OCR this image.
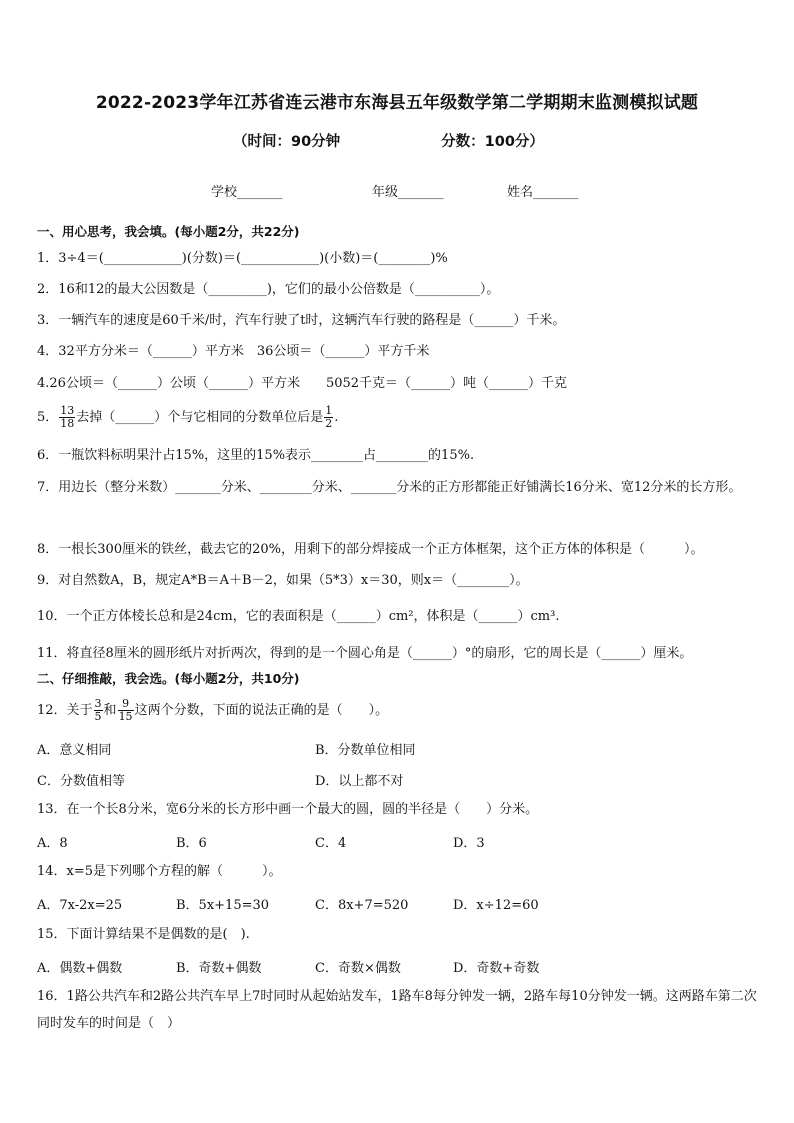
2022-2023学年江苏省连云港市东海县五年级数学第二学期期末监测模拟试题
（时间：90分钟	分数：100分）
学校_______	年级_______	姓名_______
一、用心思考，我会填。(每小题2分，共22分)
1．3÷4＝(____________)(分数)＝(____________)(小数)＝(________)%
2．16和12的最大公因数是（_________)，它们的最小公倍数是（__________）。
3．一辆汽车的速度是60千米/时，汽车行驶了t时，这辆汽车行驶的路程是（______）千米。
4．32平方分米＝（______）平方米　36公顷＝（______）平方千米
4.26公顷＝（______）公顷（______）平方米　　5052千克＝（______）吨（______）千克
5． $\frac{13}{18}$ 去掉（______）个与它相同的分数单位后是 $\frac{1}{2}$ .
6．一瓶饮料标明果汁占15%，这里的15%表示________占________的15%.
7．用边长（整分米数）_______分米、________分米、_______分米的正方形都能正好铺满长16分米、宽12分米的长方形。
8．一根长300厘米的铁丝，截去它的20%，用剩下的部分焊接成一个正方体框架，这个正方体的体积是（　　　）。
9．对自然数A，B，规定A*B＝A＋B－2，如果（5*3）x＝30，则x＝（________）。
10．一个正方体棱长总和是24cm，它的表面积是（______）cm²，体积是（______）cm³.
11．将直径8厘米的圆形纸片对折两次，得到的是一个圆心角是（______）°的扇形，它的周长是（______）厘米。
二、仔细推敲，我会选。(每小题2分，共10分)
12．关于 $\frac{3}{5}$ 和 $\frac{9}{15}$ 这两个分数，下面的说法正确的是（　　）。
A．意义相同	B．分数单位相同
C．分数值相等	D．以上都不对
13．在一个长8分米，宽6分米的长方形中画一个最大的圆，圆的半径是（　　）分米。
A．8	B．6	C．4	D．3
14．x=5是下列哪个方程的解（　　　）。
A．7x-2x=25	B．5x+15=30	C．8x+7=520	D．x÷12=60
15．下面计算结果不是偶数的是(　).
A．偶数+偶数	B．奇数+偶数	C．奇数×偶数	D．奇数+奇数
16．1路公共汽车和2路公共汽车早上7时同时从起始站发车，1路车8每分钟发一辆，2路车每10分钟发一辆。这两路车第二次同时发车的时间是（　）
